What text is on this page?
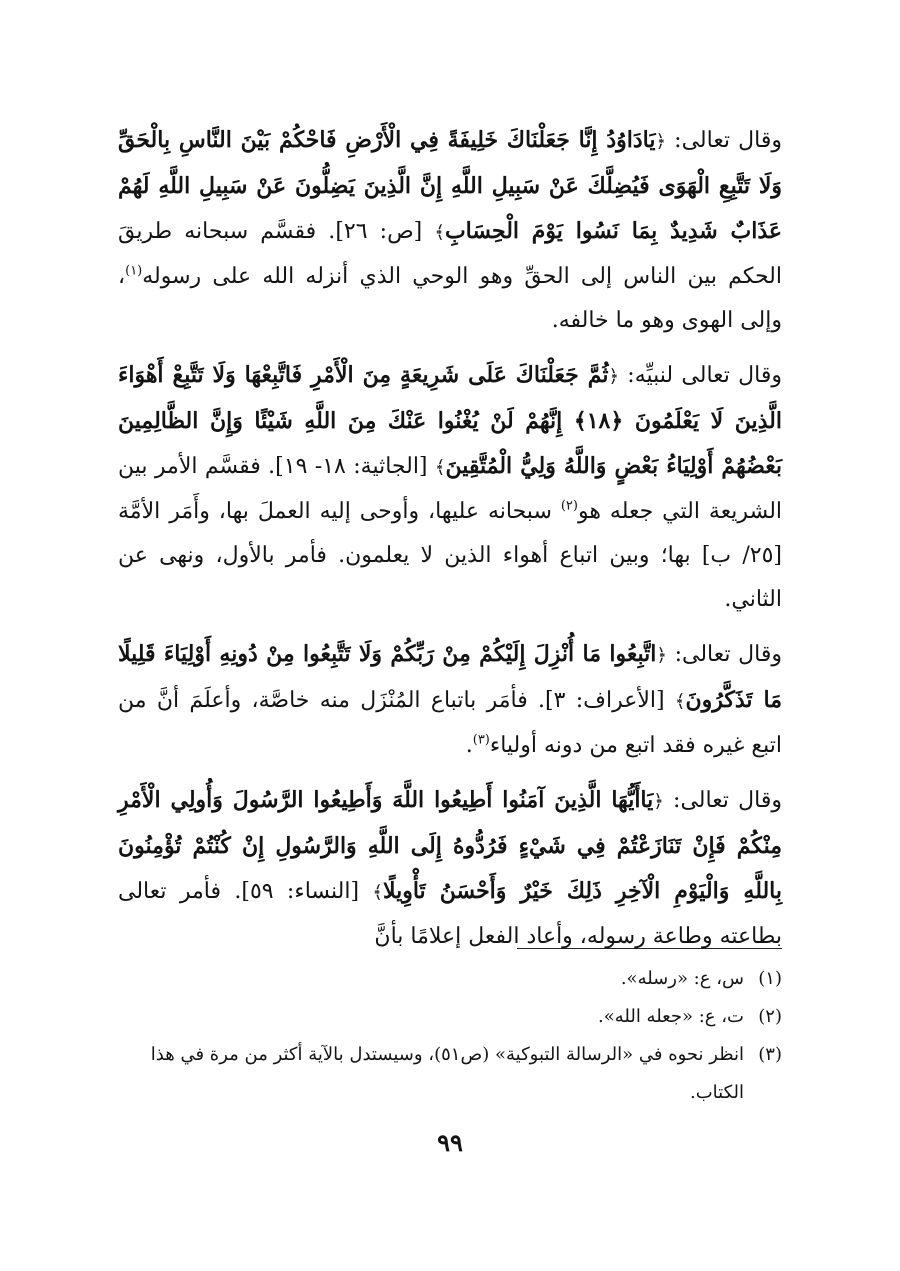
وقال تعالى: ﴿يَادَاوُدُ إِنَّا جَعَلْنَاكَ خَلِيفَةً فِي الْأَرْضِ فَاحْكُمْ بَيْنَ النَّاسِ بِالْحَقِّ وَلَا تَتَّبِعِ الْهَوَى فَيُضِلَّكَ عَنْ سَبِيلِ اللَّهِ إِنَّ الَّذِينَ يَضِلُّونَ عَنْ سَبِيلِ اللَّهِ لَهُمْ عَذَابٌ شَدِيدٌ بِمَا نَسُوا يَوْمَ الْحِسَابِ﴾ [ص: ٢٦]. فقسَّم سبحانه طريقَ الحكم بين الناس إلى الحقِّ وهو الوحي الذي أنزله الله على رسوله$^{(١)}$، وإلى الهوى وهو ما خالفه.

وقال تعالى لنبيِّه: ﴿ثُمَّ جَعَلْنَاكَ عَلَى شَرِيعَةٍ مِنَ الْأَمْرِ فَاتَّبِعْهَا وَلَا تَتَّبِعْ أَهْوَاءَ الَّذِينَ لَا يَعْلَمُونَ ﴿١٨﴾ إِنَّهُمْ لَنْ يُغْنُوا عَنْكَ مِنَ اللَّهِ شَيْئًا وَإِنَّ الظَّالِمِينَ بَعْضُهُمْ أَوْلِيَاءُ بَعْضٍ وَاللَّهُ وَلِيُّ الْمُتَّقِينَ﴾ [الجاثية: ١٨- ١٩]. فقسَّم الأمر بين الشريعة التي جعله هو$^{(٢)}$ سبحانه عليها، وأوحى إليه العملَ بها، وأَمَر الأمَّة [٢٥/ ب] بها؛ وبين اتباع أهواء الذين لا يعلمون. فأمر بالأول، ونهى عن الثاني.

وقال تعالى: ﴿اتَّبِعُوا مَا أُنْزِلَ إِلَيْكُمْ مِنْ رَبِّكُمْ وَلَا تَتَّبِعُوا مِنْ دُونِهِ أَوْلِيَاءَ قَلِيلًا مَا تَذَكَّرُونَ﴾ [الأعراف: ٣]. فأمَر باتباع المُنْزَل منه خاصَّة، وأعلَمَ أنَّ من اتبع غيره فقد اتبع من دونه أولياء$^{(٣)}$.

وقال تعالى: ﴿يَاأَيُّهَا الَّذِينَ آمَنُوا أَطِيعُوا اللَّهَ وَأَطِيعُوا الرَّسُولَ وَأُولِي الْأَمْرِ مِنْكُمْ فَإِنْ تَنَازَعْتُمْ فِي شَيْءٍ فَرُدُّوهُ إِلَى اللَّهِ وَالرَّسُولِ إِنْ كُنْتُمْ تُؤْمِنُونَ بِاللَّهِ وَالْيَوْمِ الْآخِرِ ذَلِكَ خَيْرٌ وَأَحْسَنُ تَأْوِيلًا﴾ [النساء: ٥٩]. فأمر تعالى بطاعته وطاعة رسوله، وأعاد الفعل إعلامًا بأنَّ

(١)
س، ع: «رسله».
(٢)
ت، ع: «جعله الله».
(٣)
انظر نحوه في «الرسالة التبوكية» (ص٥١)، وسيستدل بالآية أكثر من مرة في هذا الكتاب.
٩٩
